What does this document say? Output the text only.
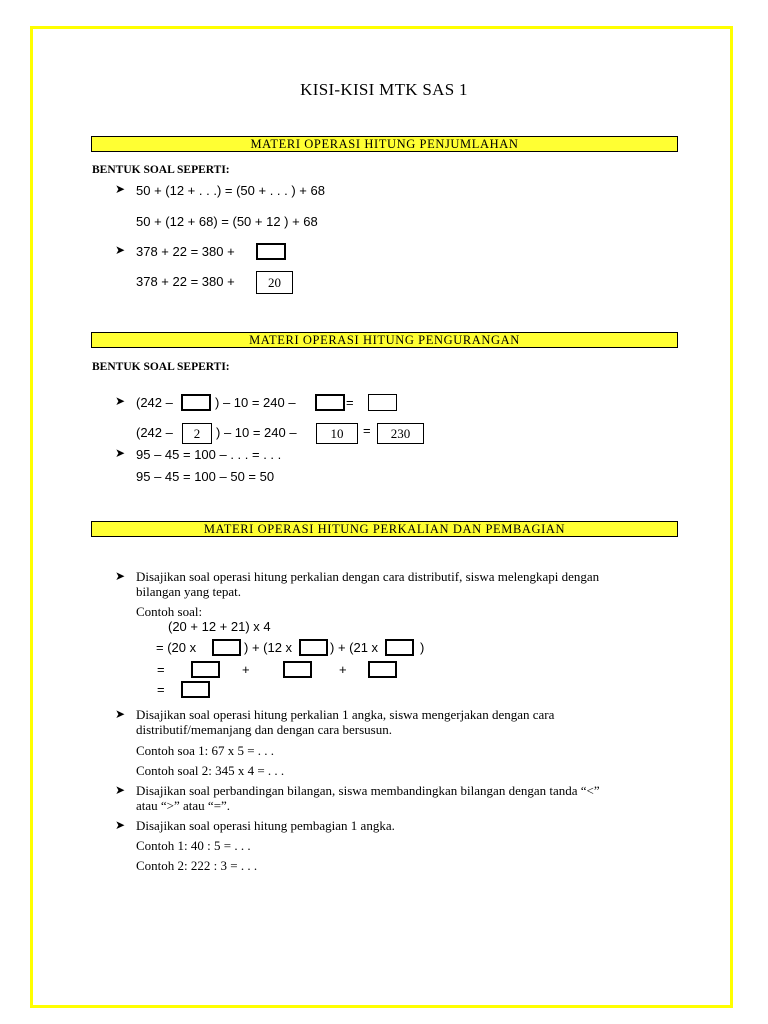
KISI-KISI MTK SAS 1
MATERI OPERASI HITUNG PENJUMLAHAN
BENTUK SOAL SEPERTI:
➤ 50 + (12 + . . .) = (50 + . . . ) + 68
50 + (12 + 68) = (50 + 12 ) + 68
➤ 378 + 22 = 380 +
378 + 22 = 380 +	20
MATERI OPERASI HITUNG PENGURANGAN
BENTUK SOAL SEPERTI:
➤ (242 –	) – 10 = 240 –	=
(242 –	2	) – 10 = 240 –	10	=	230
➤ 95 – 45 = 100 – . . . = . . .
95 – 45 = 100 – 50 = 50
MATERI OPERASI HITUNG PERKALIAN DAN PEMBAGIAN
➤ Disajikan soal operasi hitung perkalian dengan cara distributif, siswa melengkapi dengan
bilangan yang tepat.
Contoh soal:
(20 + 12 + 21) x 4
= (20 x	) + (12 x	) + (21 x	)
=	+	+
=
➤ Disajikan soal operasi hitung perkalian 1 angka, siswa mengerjakan dengan cara
distributif/memanjang dan dengan cara bersusun.
Contoh soa 1: 67 x 5 = . . .
Contoh soal 2: 345 x 4 = . . .
➤ Disajikan soal perbandingan bilangan, siswa membandingkan bilangan dengan tanda “<”
atau “>” atau “=”.
➤ Disajikan soal operasi hitung pembagian 1 angka.
Contoh 1: 40 : 5 = . . .
Contoh 2: 222 : 3 = . . .
